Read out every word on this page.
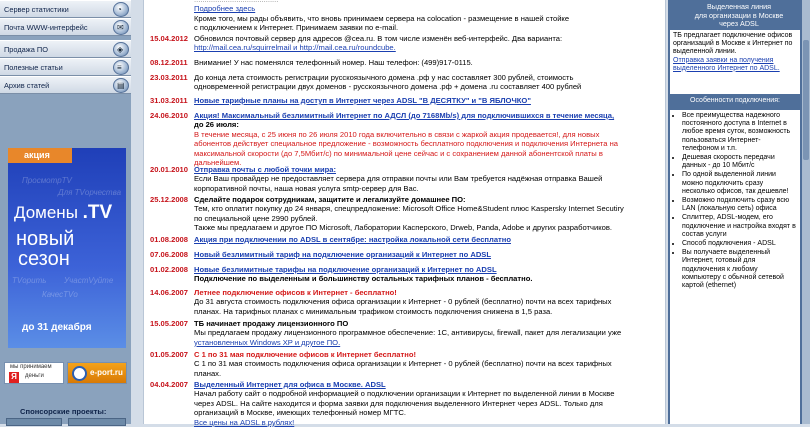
Сервер статистики	◔
Почта WWW-интерфейс	✉
Продажа ПО	◈
Полезные статьи	≡
Архив статей	▤
акция
ПросмотрTV
Для TVорчества
Домены .TV
новый
сезон
TVорить УчастVуйте
КачесTVо
до 31 декабря
мы принимаем
Я	деньги	e-port.ru
Спонсорские проекты:
Подробнее здесь
Кроме того, мы рады объявить, что вновь принимаем сервера на colocation - размещение в нашей стойке
с подключением к Интернет. Принимаем заявки по e-mail.
15.04.2012 Обновился почтовый сервер для адресов @cea.ru. В том числе изменён веб-интерфейс. Два варианта:
http://mail.cea.ru/squirrelmail и http://mail.cea.ru/roundcube.
08.12.2011 Внимание! У нас поменялся телефонный номер. Наш телефон: (499)917-0115.
23.03.2011 До конца лета стоимость регистрации русскоязычного домена .рф у нас составляет 300 рублей, стоимость
одновременной регистрации двух доменов - русскоязычного домена .рф + домена .ru составляет 400 рублей
31.03.2011 Новые тарифные планы на доступ в Интернет через ADSL "В ДЕСЯТКУ" и "В ЯБЛОЧКО"
24.06.2010 Акция! Максимальный безлимитный Интернет по АДСЛ (до 7168Mb/s) для подключившихся в течение месяца,
до 26 июля:
В течение месяца, с 25 июня по 26 июля 2010 года включительно в связи с жаркой акция продевается!, для новых
абонентов действует специальное предложение - возможность бесплатного подключения и подключения Интернета на
максимальной скорости (до 7,5Мбит/с) по минимальной цене сейчас и с сохранением данной абонентской платы в
дальнейшем.
20.01.2010 Отправка почты с любой точки мира:
Если Ваш провайдер не предоставляет сервера для отправки почты или Вам требуется надёжная отправка Вашей
корпоративной почты, наша новая услуга smtp-сервер для Вас.
25.12.2008 Сделайте подарок сотрудникам, защитите и легализуйте домашнее ПО:
Тем, кто оплатит покупку до 24 января, спецпредложение: Microsoft Office Home&Student плюс Kaspersky Internet Secutiry
по специальной цене 2990 рублей.
Также мы предлагаем и другое ПО Microsoft, Лаборатории Касперского, Drweb, Panda, Adobe и других разработчиков.
01.08.2008 Акция при подключении по ADSL в сентябре: настройка локальной сети бесплатно
07.06.2008 Новый безлимитный тариф на подключение организаций к Интернет по ADSL
01.02.2008 Новые безлимитные тарифы на подключение организаций к Интернет по ADSL
Подключение по выделенным и большинству остальных тарифных планов - бесплатно.
14.06.2007 Летнее подключение офисов к Интернет - бесплатно!
До 31 августа стоимость подключения офиса организации к Интернет - 0 рублей (бесплатно) почти на всех тарифных
планах. На тарифных планах с минимальным трафиком стоимость подключения снижена в 1,5 раза.
15.05.2007 ТБ начинает продажу лицензионного ПО
Мы предлагаем продажу лицензионного программное обеспечение: 1С, антивирусы, firewall, пакет для легализации уже
установленных Windows XP и другое ПО.
01.05.2007 С 1 по 31 мая подключение офисов к Интернет бесплатно!
С 1 по 31 мая стоимость подключения офиса организации к Интернет - 0 рублей (бесплатно) почти на всех тарифных
планах.
04.04.2007 Выделенный Интернет для офиса в Москве. ADSL
Начал работу сайт о подробной информацией о подключении организации к Интернет по выделенной линии в Москве
через ADSL. На сайте находится и форма заявки для подключения выделенного Интернет через ADSL. Только для
организаций в Москве, имеющих телефонный номер МГТС.
Все цены на ADSL в рублях!
Выделенная линия
для организации в Москве
через ADSL
ТБ предлагает подключение офисов организаций в Москве к Интернет по выделенной линии.
Отправка заявки на получения выделенного Интернет по ADSL.
Особенности подключения:
• Все преимущества надежного постоянного доступа в Internet в любое время суток, возможность пользоваться Интернет-телефоном и т.п.
• Дешевая скорость передачи данных - до 10 Мбит/с
• По одной выделенной линии можно подключить сразу несколько офисов, так дешевле!
• Возможно подключить сразу всю LAN (локальную сеть) офиса
• Сплиттер, ADSL-модем, его подключение и настройка входят в состав услуги
• Способ подключения - ADSL
• Вы получаете выделенный Интернет, готовый для подключения к любому компьютеру с обычной сетевой картой (ethernet)
